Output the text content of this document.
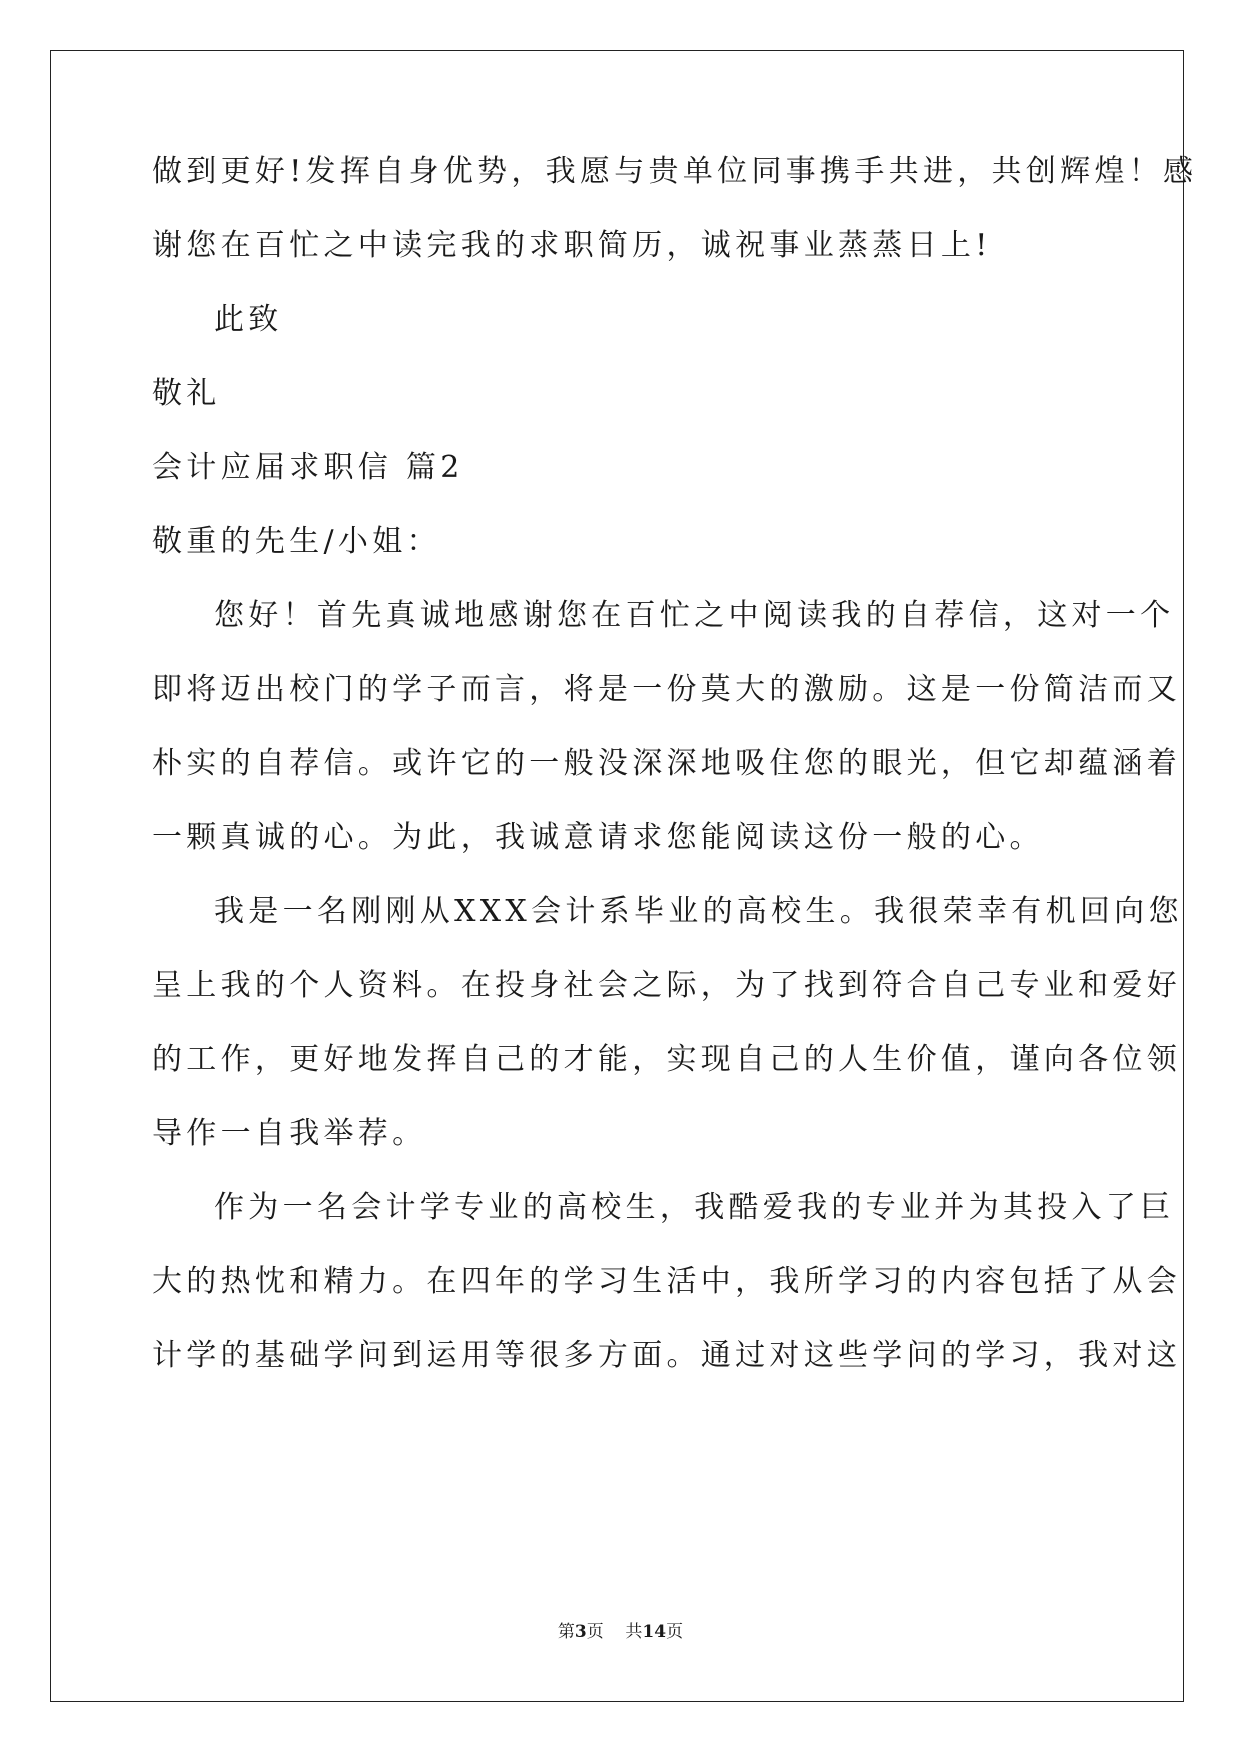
做到更好!发挥自身优势，我愿与贵单位同事携手共进，共创辉煌！感
谢您在百忙之中读完我的求职简历，诚祝事业蒸蒸日上!
此致
敬礼
会计应届求职信 篇2
敬重的先生/小姐：
您好！首先真诚地感谢您在百忙之中阅读我的自荐信，这对一个
即将迈出校门的学子而言，将是一份莫大的激励。这是一份简洁而又
朴实的自荐信。或许它的一般没深深地吸住您的眼光，但它却蕴涵着
一颗真诚的心。为此，我诚意请求您能阅读这份一般的心。
我是一名刚刚从XXX会计系毕业的高校生。我很荣幸有机回向您
呈上我的个人资料。在投身社会之际，为了找到符合自己专业和爱好
的工作，更好地发挥自己的才能，实现自己的人生价值，谨向各位领
导作一自我举荐。
作为一名会计学专业的高校生，我酷爱我的专业并为其投入了巨
大的热忱和精力。在四年的学习生活中，我所学习的内容包括了从会
计学的基础学问到运用等很多方面。通过对这些学问的学习，我对这
第3页 共14页
